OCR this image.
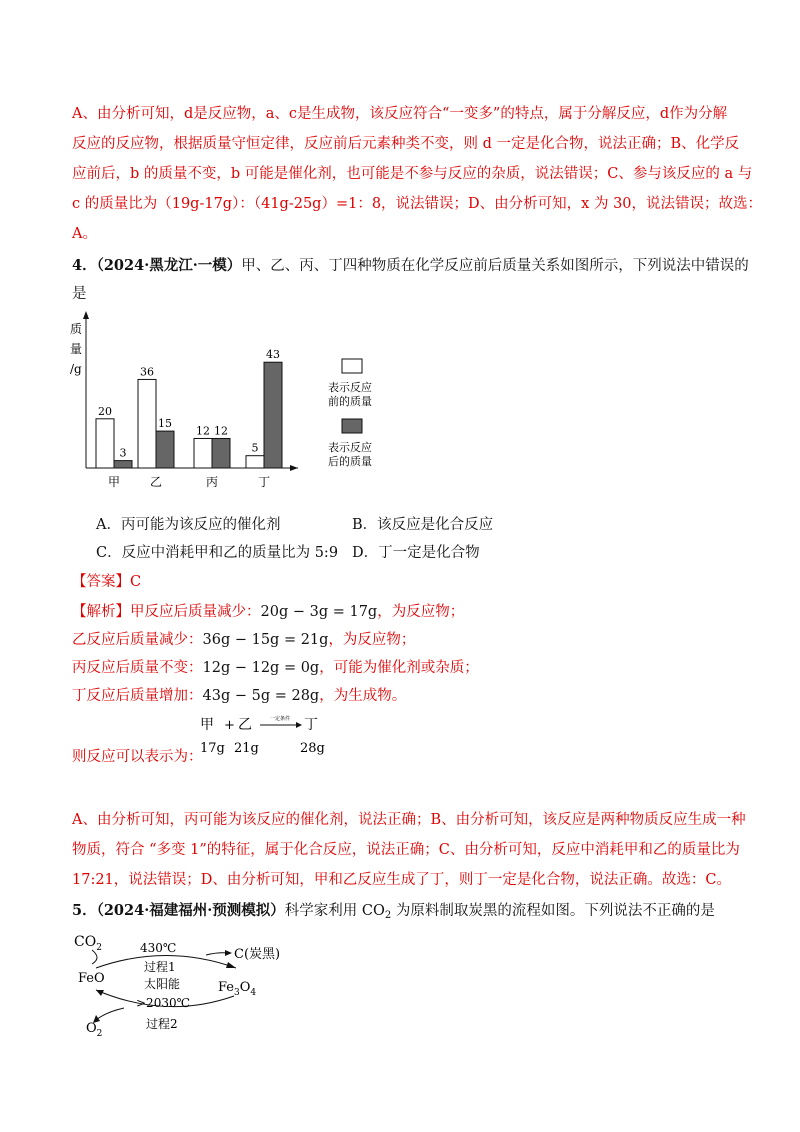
A、由分析可知，d是反应物，a、c是生成物，该反应符合“一变多”的特点，属于分解反应，d作为分解
反应的反应物，根据质量守恒定律，反应前后元素种类不变，则 d 一定是化合物，说法正确；B、化学反
应前后，b 的质量不变，b 可能是催化剂，也可能是不参与反应的杂质，说法错误；C、参与该反应的 a 与
c 的质量比为（19g-17g）：（41g-25g）=1：8，说法错误；D、由分析可知，x 为 30，说法错误；故选：
A。
4．（2024·黑龙江·一模）甲、乙、丙、丁四种物质在化学反应前后质量关系如图所示，下列说法中错误的
是
质
量
/g
甲 乙	丙	丁
20
3
36
15
12 12
5
43
表示反应
前的质量
表示反应
后的质量
A．丙可能为该反应的催化剂	B．该反应是化合反应
C．反应中消耗甲和乙的质量比为 5:9 D．丁一定是化合物
【答案】C
【解析】甲反应后质量减少：20g − 3g = 17g，为反应物；
乙反应后质量减少：36g − 15g = 21g，为反应物；
丙反应后质量不变：12g − 12g = 0g，可能为催化剂或杂质；
丁反应后质量增加：43g − 5g = 28g，为生成物。
则反应可以表示为：
甲 + 乙	一定条件 丁
17g 21g	28g
A、由分析可知，丙可能为该反应的催化剂，说法正确；B、由分析可知，该反应是两种物质反应生成一种
物质，符合 “多变 1”的特征，属于化合反应，说法正确；C、由分析可知，反应中消耗甲和乙的质量比为
17:21，说法错误；D、由分析可知，甲和乙反应生成了丁，则丁一定是化合物，说法正确。故选：C。
5．（2024·福建福州·预测模拟）科学家利用 $CO_2$ 为原料制取炭黑的流程如图。下列说法不正确的是
$CO_2$	C(炭黑)
430℃
过程1
FeO
$Fe_3O_4$
太阳能
>2030℃
$O_2$
过程2
